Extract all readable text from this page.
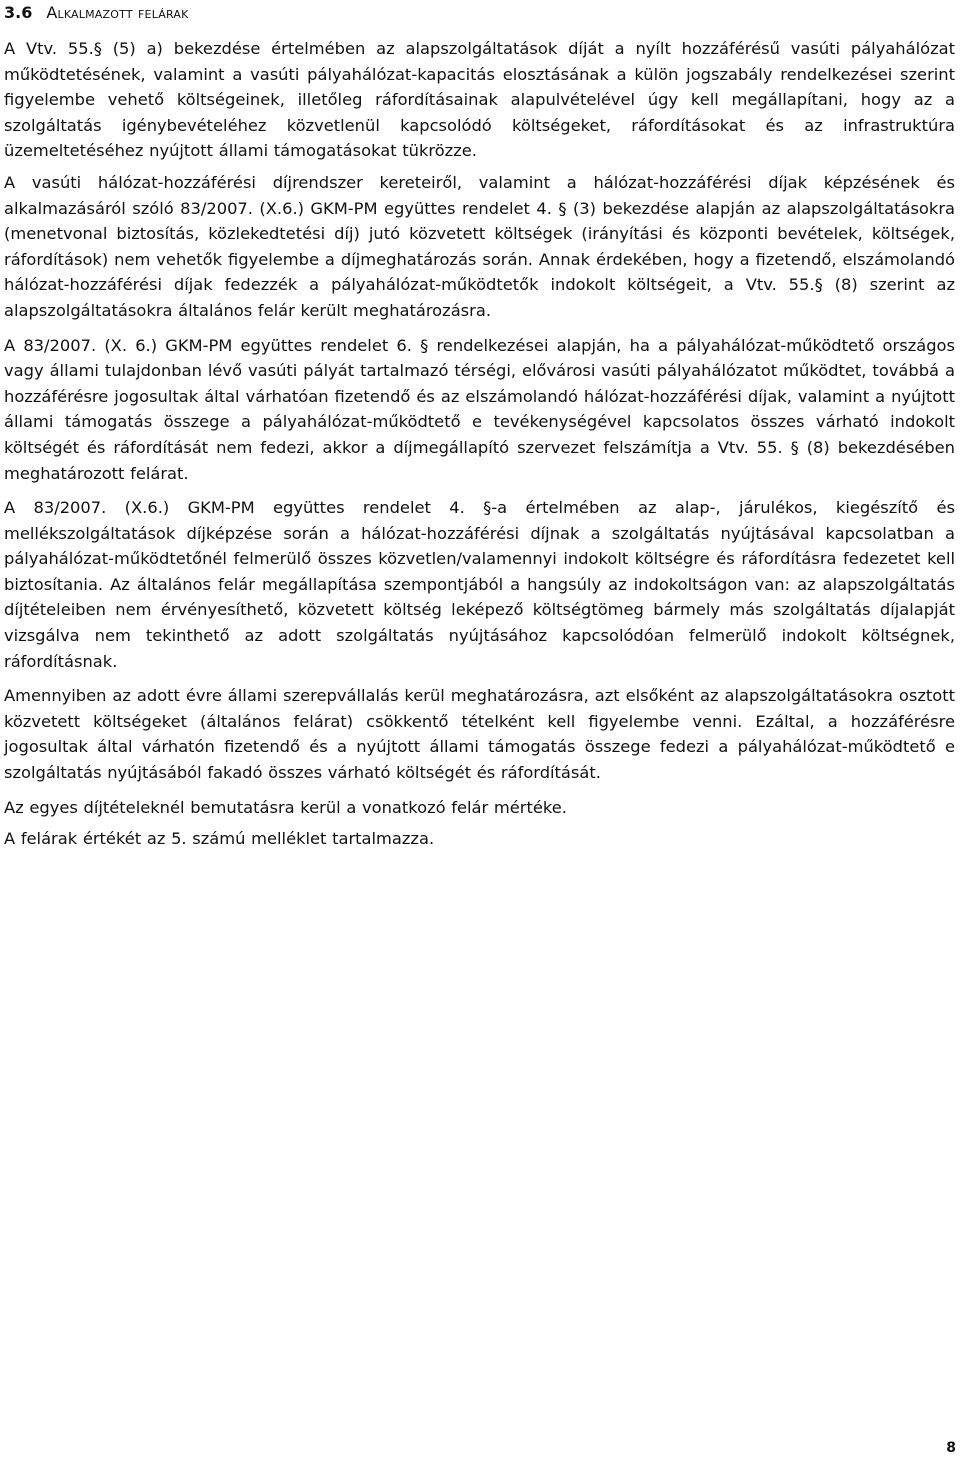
3.6 Alkalmazott felárak

A Vtv. 55.§ (5) a) bekezdése értelmében az alapszolgáltatások díját a nyílt hozzáférésű vasúti pályahálózat működtetésének, valamint a vasúti pályahálózat-kapacitás elosztásának a külön jogszabály rendelkezései szerint figyelembe vehető költségeinek, illetőleg ráfordításainak alapulvételével úgy kell megállapítani, hogy az a szolgáltatás igénybevételéhez közvetlenül kapcsolódó költségeket, ráfordításokat és az infrastruktúra üzemeltetéséhez nyújtott állami támogatásokat tükrözze.

A vasúti hálózat-hozzáférési díjrendszer kereteiről, valamint a hálózat-hozzáférési díjak képzésének és alkalmazásáról szóló 83/2007. (X.6.) GKM-PM együttes rendelet 4. § (3) bekezdése alapján az alapszolgáltatásokra (menetvonal biztosítás, közlekedtetési díj) jutó közvetett költségek (irányítási és központi bevételek, költségek, ráfordítások) nem vehetők figyelembe a díjmeghatározás során. Annak érdekében, hogy a fizetendő, elszámolandó hálózat-hozzáférési díjak fedezzék a pályahálózat-működtetők indokolt költségeit, a Vtv. 55.§ (8) szerint az alapszolgáltatásokra általános felár került meghatározásra.

A 83/2007. (X. 6.) GKM-PM együttes rendelet 6. § rendelkezései alapján, ha a pályahálózat-működtető országos vagy állami tulajdonban lévő vasúti pályát tartalmazó térségi, elővárosi vasúti pályahálózatot működtet, továbbá a hozzáférésre jogosultak által várhatóan fizetendő és az elszámolandó hálózat-hozzáférési díjak, valamint a nyújtott állami támogatás összege a pályahálózat-működtető e tevékenységével kapcsolatos összes várható indokolt költségét és ráfordítását nem fedezi, akkor a díjmegállapító szervezet felszámítja a Vtv. 55. § (8) bekezdésében meghatározott felárat.

A 83/2007. (X.6.) GKM-PM együttes rendelet 4. §-a értelmében az alap-, járulékos, kiegészítő és mellékszolgáltatások díjképzése során a hálózat-hozzáférési díjnak a szolgáltatás nyújtásával kapcsolatban a pályahálózat-működtetőnél felmerülő összes közvetlen/valamennyi indokolt költségre és ráfordításra fedezetet kell biztosítania. Az általános felár megállapítása szempontjából a hangsúly az indokoltságon van: az alapszolgáltatás díjtételeiben nem érvényesíthető, közvetett költség leképező költségtömeg bármely más szolgáltatás díjalapját vizsgálva nem tekinthető az adott szolgáltatás nyújtásához kapcsolódóan felmerülő indokolt költségnek, ráfordításnak.

Amennyiben az adott évre állami szerepvállalás kerül meghatározásra, azt elsőként az alapszolgáltatásokra osztott közvetett költségeket (általános felárat) csökkentő tételként kell figyelembe venni. Ezáltal, a hozzáférésre jogosultak által várhatón fizetendő és a nyújtott állami támogatás összege fedezi a pályahálózat-működtető e szolgáltatás nyújtásából fakadó összes várható költségét és ráfordítását.

Az egyes díjtételeknél bemutatásra kerül a vonatkozó felár mértéke.

A felárak értékét az 5. számú melléklet tartalmazza.

8
